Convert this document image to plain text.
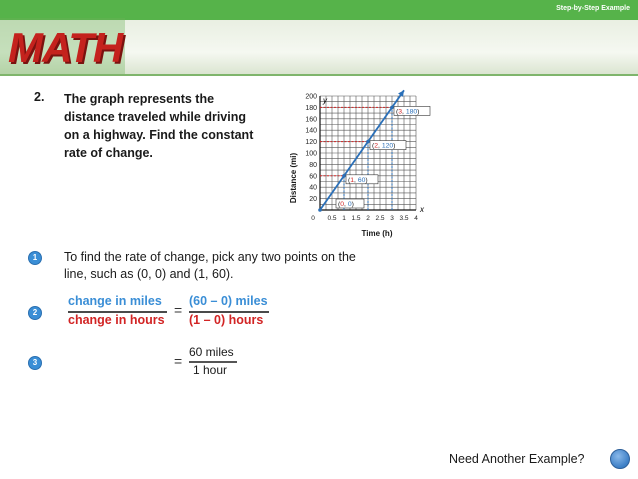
Step-by-Step Example
MATH
2. The graph represents the distance traveled while driving on a highway. Find the constant rate of change.
20
40
60
80
100
120
140
160
180
200
0 0.5 1 1.5 2 2.5 3 3.5 4
(0, 0)
(1, 60)
(2, 120)
(3, 180)
Distance (mi)
Time (h)
y
x
1	To find the rate of change, pick any two points on the line, such as (0, 0) and (1, 60).
2
change in miles
change in hours
=
(60 – 0) miles
(1 – 0) hours
3	=
60 miles
1 hour
Need Another Example?
